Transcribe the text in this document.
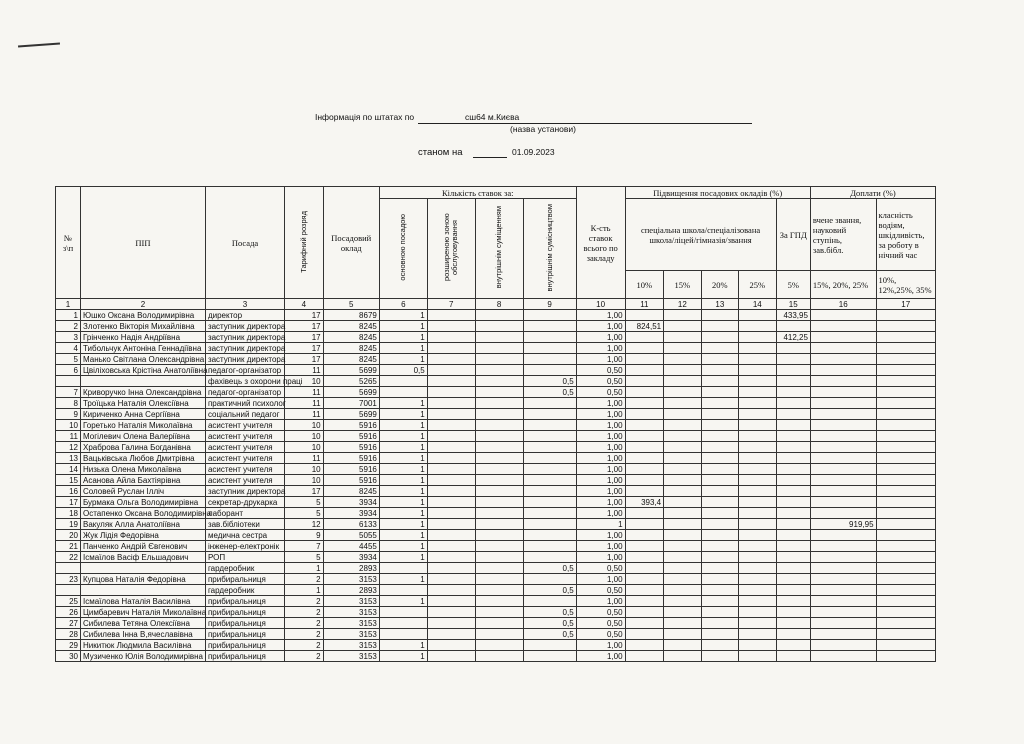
Інформація по штатах по	сш64 м.Києва
(назва установи)
станом на	01.09.2023
№ з\п	ПІП	Посада	Тарифний розряд	Посадовий оклад	Кількість ставок за:				К-сть ставок всього по закладу	Підвищення посадових окладів (%)					Доплати (%)	
					основною посадою	розширеною зоною обслуговування	внутрішнім суміщенням	внутрішнім сумісництвом		спеціальна школа/спеціалізована школа/ліцей/гімназія/звання				За ГПД	вчене звання, науковий ступінь, зав.бібл.	класність водіям, шкідливість, за роботу в нічний час
										10%	15%	20%	25%	5%	15%, 20%, 25%	10%, 12%,25%, 35%
1	2	3	4	5	6	7	8	9	10	11	12	13	14	15	16	17
1	Юшко Оксана Володимирівна	директор	17	8679	1				1,00					433,95		
2	Злотенко Вікторія Михайлівна	заступник директора	17	8245	1				1,00	824,51						
3	Грінченко Надія Андріївна	заступник директора	17	8245	1				1,00					412,25		
4	Тибольчук Антоніна Геннадіївна	заступник директора	17	8245	1				1,00							
5	Манько Світлана Олександрівна	заступник директора	17	8245	1				1,00							
6	Цвіліховська Крістіна Анатоліївна	педагог-організатор	11	5699	0,5				0,50							
		фахівець з охорони праці	10	5265				0,5	0,50							
7	Криворучко Інна Олександрівна	педагог-організатор	11	5699				0,5	0,50							
8	Троїцька Наталія Олексіївна	практичний психолог	11	7001	1				1,00							
9	Кириченко Анна Сергіївна	соціальний педагог	11	5699	1				1,00							
10	Горетько Наталія Миколаївна	асистент учителя	10	5916	1				1,00							
11	Могілевич Олена Валеріївна	асистент учителя	10	5916	1				1,00							
12	Храброва Галина Богданівна	асистент учителя	10	5916	1				1,00							
13	Вацьківська Любов Дмитрівна	асистент учителя	11	5916	1				1,00							
14	Низька Олена Миколаївна	асистент учителя	10	5916	1				1,00							
15	Асанова Айла Бахтіярівна	асистент учителя	10	5916	1				1,00							
16	Соловей Руслан Ілліч	заступник директора	17	8245	1				1,00							
17	Бурмака Ольга Володимирівна	секретар-друкарка	5	3934	1				1,00	393,4						
18	Остапенко Оксана Володимирівна	лаборант	5	3934	1				1,00							
19	Вакуляк Алла Анатоліївна	зав.бібліотеки	12	6133	1				1						919,95	
20	Жук Лідія Федорівна	медична сестра	9	5055	1				1,00							
21	Панченко Андрій Євгенович	інженер-електронік	7	4455	1				1,00							
22	Ісмаїлов Васіф Ельшадович	РОП	5	3934	1				1,00							
		гардеробник	1	2893				0,5	0,50							
23	Купцова Наталія Федорівна	прибиральниця	2	3153	1				1,00							
		гардеробник	1	2893				0,5	0,50							
25	Ісмаїлова Наталія Василівна	прибиральниця	2	3153	1				1,00							
26	Цимбаревич Наталія Миколаївна	прибиральниця	2	3153				0,5	0,50							
27	Сибилева Тетяна Олексіївна	прибиральниця	2	3153				0,5	0,50							
28	Сибилева Інна В,ячеславівна	прибиральниця	2	3153				0,5	0,50							
29	Никитюк Людмила Василівна	прибиральниця	2	3153	1				1,00							
30	Музиченко Юлія Володимирівна	прибиральниця	2	3153	1				1,00							
